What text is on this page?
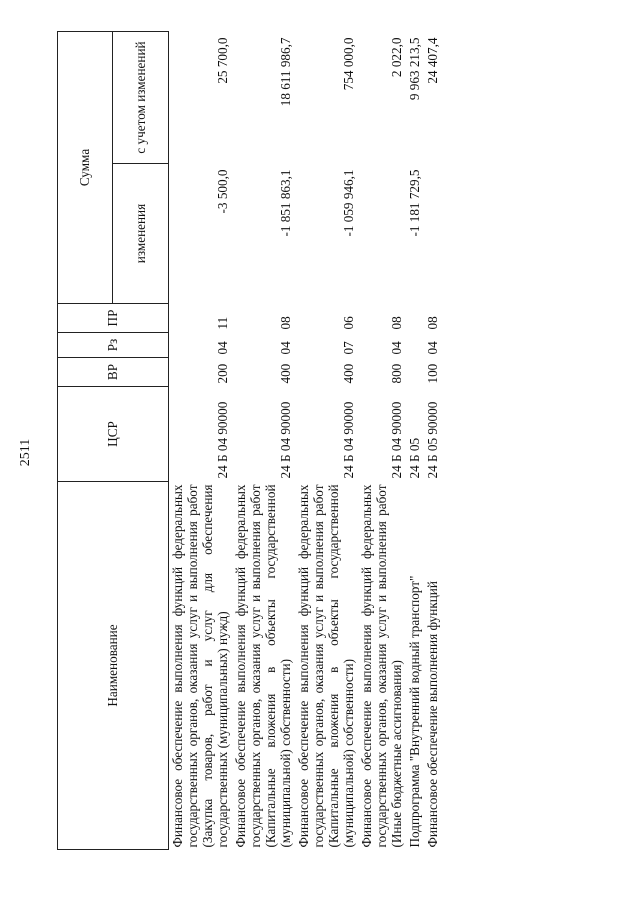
2511
Наименование	ЦСР	ВР	Рз	ПР	Сумма	
					изменения	с учетом изменений
Финансовое обеспечение выполнения функций федеральных государственных органов, оказания услуг и выполнения работ (Закупка товаров, работ и услуг для обеспечения государственных (муниципальных) нужд)	24 Б 04 90000	200	04	11	-3 500,0	25 700,0
Финансовое обеспечение выполнения функций федеральных государственных органов, оказания услуг и выполнения работ (Капитальные вложения в объекты государственной (муниципальной) собственности)	24 Б 04 90000	400	04	08	-1 851 863,1	18 611 986,7
Финансовое обеспечение выполнения функций федеральных государственных органов, оказания услуг и выполнения работ (Капитальные вложения в объекты государственной (муниципальной) собственности)	24 Б 04 90000	400	07	06	-1 059 946,1	754 000,0
Финансовое обеспечение выполнения функций федеральных государственных органов, оказания услуг и выполнения работ (Иные бюджетные ассигнования)	24 Б 04 90000	800	04	08		2 022,0
Подпрограмма "Внутренний водный транспорт"	24 Б 05				-1 181 729,5	9 963 213,5
Финансовое обеспечение выполнения функций	24 Б 05 90000	100	04	08		24 407,4
